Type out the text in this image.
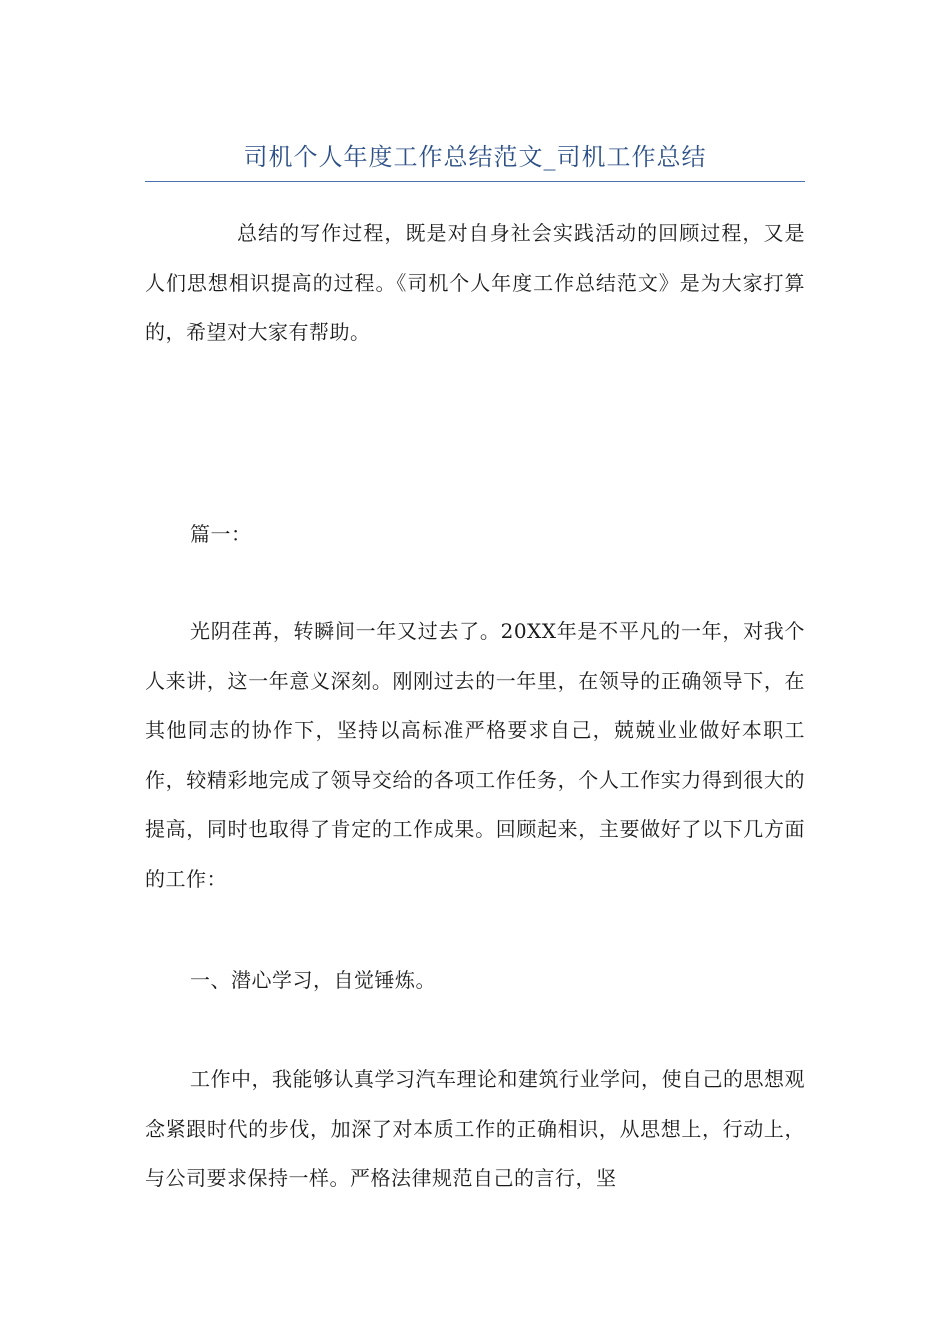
司机个人年度工作总结范文_司机工作总结

总结的写作过程，既是对自身社会实践活动的回顾过程，又是人们思想相识提高的过程。《司机个人年度工作总结范文》是为大家打算的，希望对大家有帮助。

篇一：

光阴荏苒，转瞬间一年又过去了。20XX年是不平凡的一年，对我个人来讲，这一年意义深刻。刚刚过去的一年里，在领导的正确领导下，在其他同志的协作下，坚持以高标准严格要求自己，兢兢业业做好本职工作，较精彩地完成了领导交给的各项工作任务，个人工作实力得到很大的提高，同时也取得了肯定的工作成果。回顾起来，主要做好了以下几方面的工作：

一、潜心学习，自觉锤炼。

工作中，我能够认真学习汽车理论和建筑行业学问，使自己的思想观念紧跟时代的步伐，加深了对本质工作的正确相识，从思想上，行动上，与公司要求保持一样。严格法律规范自己的言行，坚
